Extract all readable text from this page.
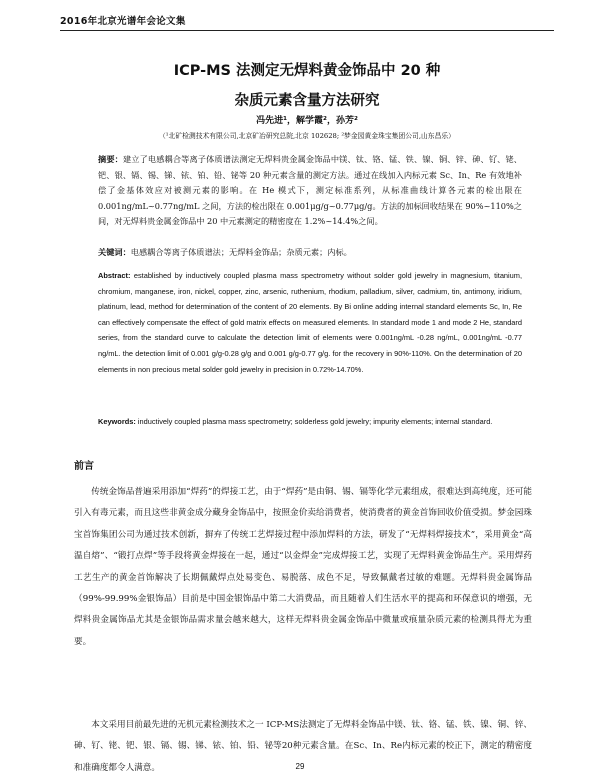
2016年北京光谱年会论文集
ICP-MS 法测定无焊料黄金饰品中 20 种
杂质元素含量方法研究
冯先进¹，解学霞²，孙芳²
（¹北矿检测技术有限公司,北京矿冶研究总院,北京 102628; ²梦金园黄金珠宝集团公司,山东昌乐）
摘要：建立了电感耦合等离子体质谱法测定无焊料贵金属金饰品中镁、钛、铬、锰、铁、镍、铜、锌、砷、钌、铑、钯、银、镉、锡、锑、铱、铂、铅、铋等 20 种元素含量的测定方法。通过在线加入内标元素 Sc、In、Re 有效地补偿了金基体效应对被测元素的影响。在 He 模式下，测定标准系列，从标准曲线计算各元素的检出限在 0.001ng/mL~0.77ng/mL 之间，方法的检出限在 0.001μg/g~0.77μg/g。方法的加标回收结果在 90%~110%之间，对无焊料贵金属金饰品中 20 中元素测定的精密度在 1.2%~14.4%之间。
关键词：电感耦合等离子体质谱法；无焊料金饰品；杂质元素；内标。
Abstract: established by inductively coupled plasma mass spectrometry without solder gold jewelry in magnesium, titanium, chromium, manganese, iron, nickel, copper, zinc, arsenic, ruthenium, rhodium, palladium, silver, cadmium, tin, antimony, iridium, platinum, lead, method for determination of the content of 20 elements. By Bi online adding internal standard elements Sc, In, Re can effectively compensate the effect of gold matrix effects on measured elements. In standard mode 1 and mode 2 He, standard series, from the standard curve to calculate the detection limit of elements were 0.001ng/mL -0.28 ng/mL, 0.001ng/mL -0.77 ng/mL. the detection limit of 0.001 g/g-0.28 g/g and 0.001 g/g-0.77 g/g. for the recovery in 90%-110%. On the determination of 20 elements in non precious metal solder gold jewelry in precision in 0.72%-14.70%.
Keywords: inductively coupled plasma mass spectrometry; solderless gold jewelry; impurity elements; internal standard.
前言
传统金饰品普遍采用添加“焊药”的焊接工艺，由于“焊药”是由铜、锡、镉等化学元素组成，很难达到高纯度，还可能引入有毒元素，而且这些非黄金成分藏身金饰品中，按照金价卖给消费者，使消费者的黄金首饰回收价值受损。梦金园珠宝首饰集团公司为通过技术创新，摒弃了传统工艺焊接过程中添加焊料的方法，研发了“无焊料焊接技术”，采用黄金“高温自熔”、“锻打点焊”等手段将黄金焊接在一起，通过“以金焊金”完成焊接工艺，实现了无焊料黄金饰品生产。采用焊药工艺生产的黄金首饰解决了长期佩戴焊点处易变色、易脱落、成色不足，导致佩戴者过敏的难题。无焊料贵金属饰品（99%-99.99%金银饰品）目前是中国金银饰品中第二大消费品，而且随着人们生活水平的提高和环保意识的增强，无焊料贵金属饰品尤其是金银饰品需求量会越来越大，这样无焊料贵金属金饰品中微量或痕量杂质元素的检测具得尤为重要。
本文采用目前最先进的无机元素检测技术之一 ICP-MS法测定了无焊料金饰品中镁、钛、铬、锰、铁、镍、铜、锌、砷、钌、铑、钯、银、镉、锡、锑、铱、铂、铅、铋等20种元素含量。在Sc、In、Re内标元素的校正下，测定的精密度和准确度都令人满意。	29
